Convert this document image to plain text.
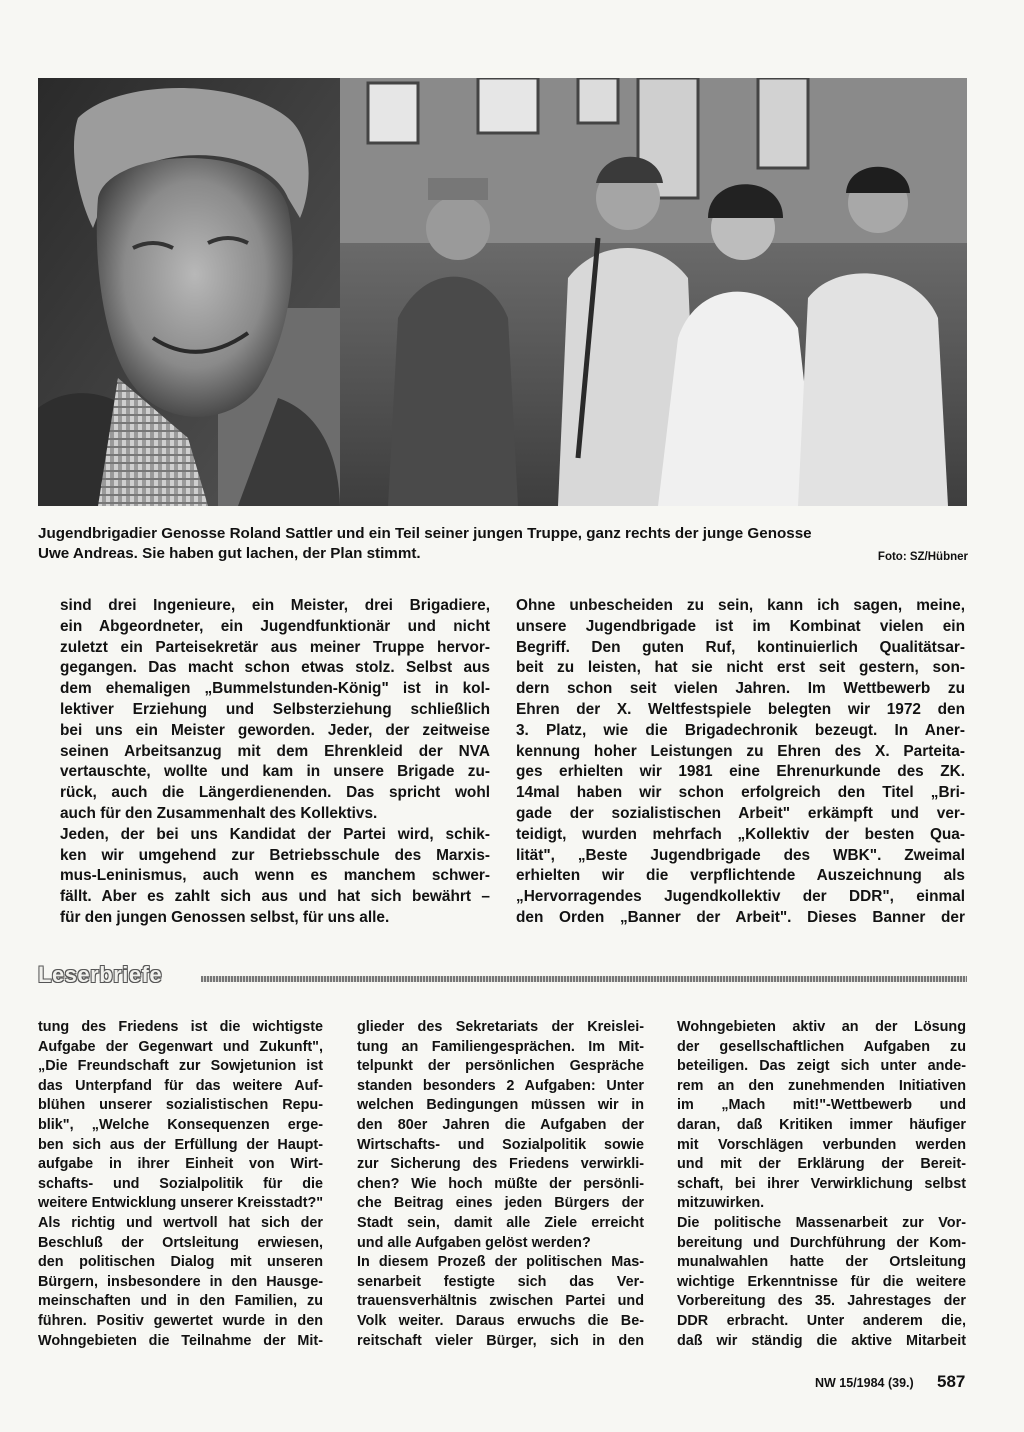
Jugendbrigadier Genosse Roland Sattler und ein Teil seiner jungen Truppe, ganz rechts der junge Genosse
Uwe Andreas. Sie haben gut lachen, der Plan stimmt.	Foto: SZ/Hübner
sind drei Ingenieure, ein Meister, drei Brigadiere,
ein Abgeordneter, ein Jugendfunktionär und nicht
zuletzt ein Parteisekretär aus meiner Truppe hervor-
gegangen. Das macht schon etwas stolz. Selbst aus
dem ehemaligen „Bummelstunden-König" ist in kol-
lektiver Erziehung und Selbsterziehung schließlich
bei uns ein Meister geworden. Jeder, der zeitweise
seinen Arbeitsanzug mit dem Ehrenkleid der NVA
vertauschte, wollte und kam in unsere Brigade zu-
rück, auch die Längerdienenden. Das spricht wohl
auch für den Zusammenhalt des Kollektivs.
Jeden, der bei uns Kandidat der Partei wird, schik-
ken wir umgehend zur Betriebsschule des Marxis-
mus-Leninismus, auch wenn es manchem schwer-
fällt. Aber es zahlt sich aus und hat sich bewährt –
für den jungen Genossen selbst, für uns alle.
Ohne unbescheiden zu sein, kann ich sagen, meine,
unsere Jugendbrigade ist im Kombinat vielen ein
Begriff. Den guten Ruf, kontinuierlich Qualitätsar-
beit zu leisten, hat sie nicht erst seit gestern, son-
dern schon seit vielen Jahren. Im Wettbewerb zu
Ehren der X. Weltfestspiele belegten wir 1972 den
3. Platz, wie die Brigadechronik bezeugt. In Aner-
kennung hoher Leistungen zu Ehren des X. Parteita-
ges erhielten wir 1981 eine Ehrenurkunde des ZK.
14mal haben wir schon erfolgreich den Titel „Bri-
gade der sozialistischen Arbeit" erkämpft und ver-
teidigt, wurden mehrfach „Kollektiv der besten Qua-
lität", „Beste Jugendbrigade des WBK". Zweimal
erhielten wir die verpflichtende Auszeichnung als
„Hervorragendes Jugendkollektiv der DDR", einmal
den Orden „Banner der Arbeit". Dieses Banner der
Leserbriefe
tung des Friedens ist die wichtigste
Aufgabe der Gegenwart und Zukunft",
„Die Freundschaft zur Sowjetunion ist
das Unterpfand für das weitere Auf-
blühen unserer sozialistischen Repu-
blik", „Welche Konsequenzen erge-
ben sich aus der Erfüllung der Haupt-
aufgabe in ihrer Einheit von Wirt-
schafts- und Sozialpolitik für die
weitere Entwicklung unserer Kreisstadt?"
Als richtig und wertvoll hat sich der
Beschluß der Ortsleitung erwiesen,
den politischen Dialog mit unseren
Bürgern, insbesondere in den Hausge-
meinschaften und in den Familien, zu
führen. Positiv gewertet wurde in den
Wohngebieten die Teilnahme der Mit-
glieder des Sekretariats der Kreislei-
tung an Familiengesprächen. Im Mit-
telpunkt der persönlichen Gespräche
standen besonders 2 Aufgaben: Unter
welchen Bedingungen müssen wir in
den 80er Jahren die Aufgaben der
Wirtschafts- und Sozialpolitik sowie
zur Sicherung des Friedens verwirkli-
chen? Wie hoch müßte der persönli-
che Beitrag eines jeden Bürgers der
Stadt sein, damit alle Ziele erreicht
und alle Aufgaben gelöst werden?
In diesem Prozeß der politischen Mas-
senarbeit festigte sich das Ver-
trauensverhältnis zwischen Partei und
Volk weiter. Daraus erwuchs die Be-
reitschaft vieler Bürger, sich in den
Wohngebieten aktiv an der Lösung
der gesellschaftlichen Aufgaben zu
beteiligen. Das zeigt sich unter ande-
rem an den zunehmenden Initiativen
im „Mach mit!"-Wettbewerb und
daran, daß Kritiken immer häufiger
mit Vorschlägen verbunden werden
und mit der Erklärung der Bereit-
schaft, bei ihrer Verwirklichung selbst
mitzuwirken.
Die politische Massenarbeit zur Vor-
bereitung und Durchführung der Kom-
munalwahlen hatte der Ortsleitung
wichtige Erkenntnisse für die weitere
Vorbereitung des 35. Jahrestages der
DDR erbracht. Unter anderem die,
daß wir ständig die aktive Mitarbeit
NW 15/1984 (39.) 587
